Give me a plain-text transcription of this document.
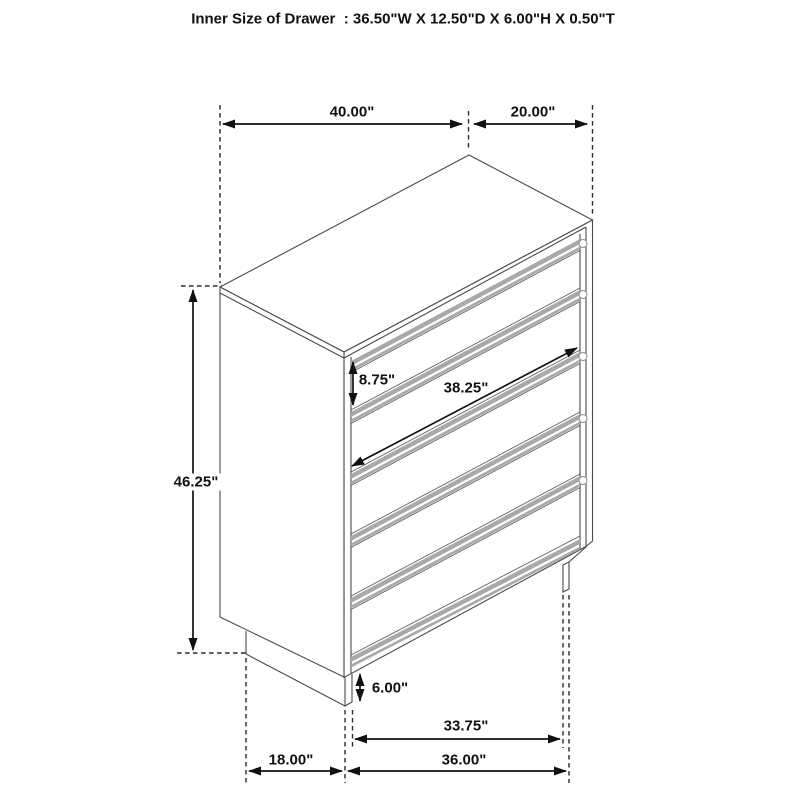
Inner Size of Drawer  : 36.50"W X 12.50"D X 6.00"H X 0.50"T
40.00"	20.00"
46.25"
8.75"	38.25"
6.00"
33.75"
36.00"
18.00"
